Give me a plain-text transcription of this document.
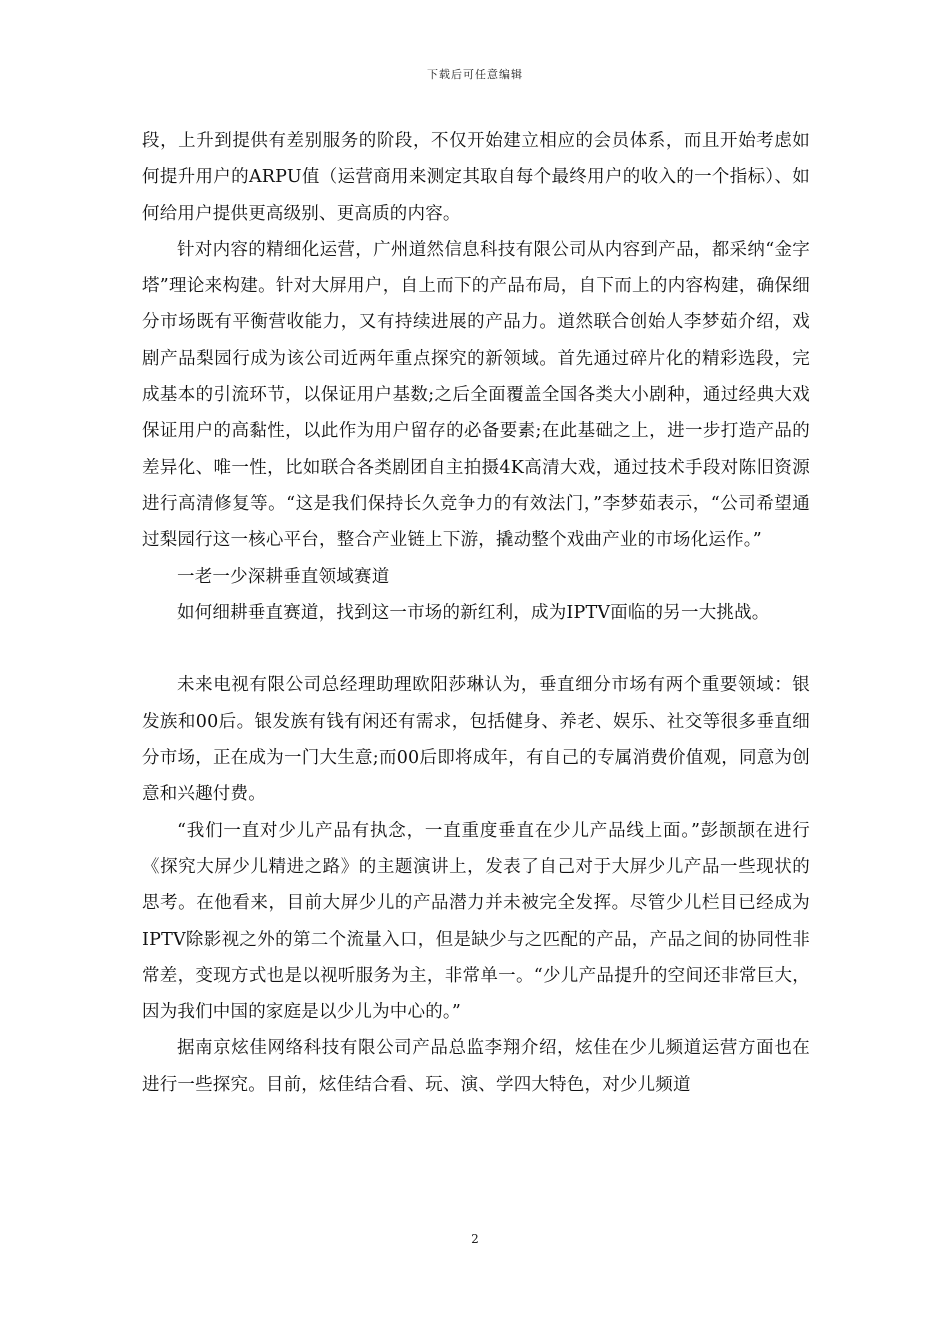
下载后可任意编辑

段，上升到提供有差别服务的阶段，不仅开始建立相应的会员体系，而且开始考虑如何提升用户的ARPU值（运营商用来测定其取自每个最终用户的收入的一个指标）、如何给用户提供更高级别、更高质的内容。

针对内容的精细化运营，广州道然信息科技有限公司从内容到产品，都采纳“金字塔”理论来构建。针对大屏用户，自上而下的产品布局，自下而上的内容构建，确保细分市场既有平衡营收能力，又有持续进展的产品力。道然联合创始人李梦茹介绍，戏剧产品梨园行成为该公司近两年重点探究的新领域。首先通过碎片化的精彩选段，完成基本的引流环节，以保证用户基数;之后全面覆盖全国各类大小剧种，通过经典大戏保证用户的高黏性，以此作为用户留存的必备要素;在此基础之上，进一步打造产品的差异化、唯一性，比如联合各类剧团自主拍摄4K高清大戏，通过技术手段对陈旧资源进行高清修复等。“这是我们保持长久竞争力的有效法门，”李梦茹表示，“公司希望通过梨园行这一核心平台，整合产业链上下游，撬动整个戏曲产业的市场化运作。”

一老一少深耕垂直领域赛道

如何细耕垂直赛道，找到这一市场的新红利，成为IPTV面临的另一大挑战。

未来电视有限公司总经理助理欧阳莎琳认为，垂直细分市场有两个重要领域：银发族和00后。银发族有钱有闲还有需求，包括健身、养老、娱乐、社交等很多垂直细分市场，正在成为一门大生意;而00后即将成年，有自己的专属消费价值观，同意为创意和兴趣付费。

“我们一直对少儿产品有执念，一直重度垂直在少儿产品线上面。”彭颉颉在进行《探究大屏少儿精进之路》的主题演讲上，发表了自己对于大屏少儿产品一些现状的思考。在他看来，目前大屏少儿的产品潜力并未被完全发挥。尽管少儿栏目已经成为IPTV除影视之外的第二个流量入口，但是缺少与之匹配的产品，产品之间的协同性非常差，变现方式也是以视听服务为主，非常单一。“少儿产品提升的空间还非常巨大，因为我们中国的家庭是以少儿为中心的。”

据南京炫佳网络科技有限公司产品总监李翔介绍，炫佳在少儿频道运营方面也在进行一些探究。目前，炫佳结合看、玩、演、学四大特色，对少儿频道

2
